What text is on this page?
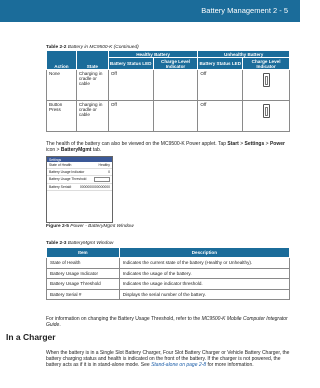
Battery Management 2 - 5
Table 2-2 Battery in MC9500-K (Continued)
Action	State	Healthy Battery		Unhealthy Battery	
		Battery Status LED	Charge Level Indicator	Battery Status LED	Charge Level Indicator
None	Charging in cradle or cable	Off		Off	

Button Press	Charging in cradle or cable	Off		Off	
The health of the battery can also be viewed on the MC9500-K Power applet. Tap Start > Settings > Power icon > BatteryMgmt tab.
Settings
State of Health	Healthy
Battery Usage Indicator	0
Battery Usage Threshold
Battery Serial#	0000000000000000
Figure 2-5 Power - BatteryMgmt Window
Table 2-3 BatteryMgmt Window
Item	Description
State of Health	Indicates the current state of the battery (Healthy or Unhealthy).
Battery Usage Indicator	Indicates the usage of the battery.
Battery Usage Threshold	Indicates the usage indicator threshold.
Battery Serial #	Displays the serial number of the battery.
For information on changing the Battery Usage Threshold, refer to the MC9500-K Mobile Computer Integrator Guide.
In a Charger
When the battery is in a Single Slot Battery Charger, Four Slot Battery Charger or Vehicle Battery Charger, the battery charging status and health is indicated on the front of the battery. If the charger is not powered, the battery acts as if it is in stand-alone mode. See Stand-alone on page 2-8 for more information.
